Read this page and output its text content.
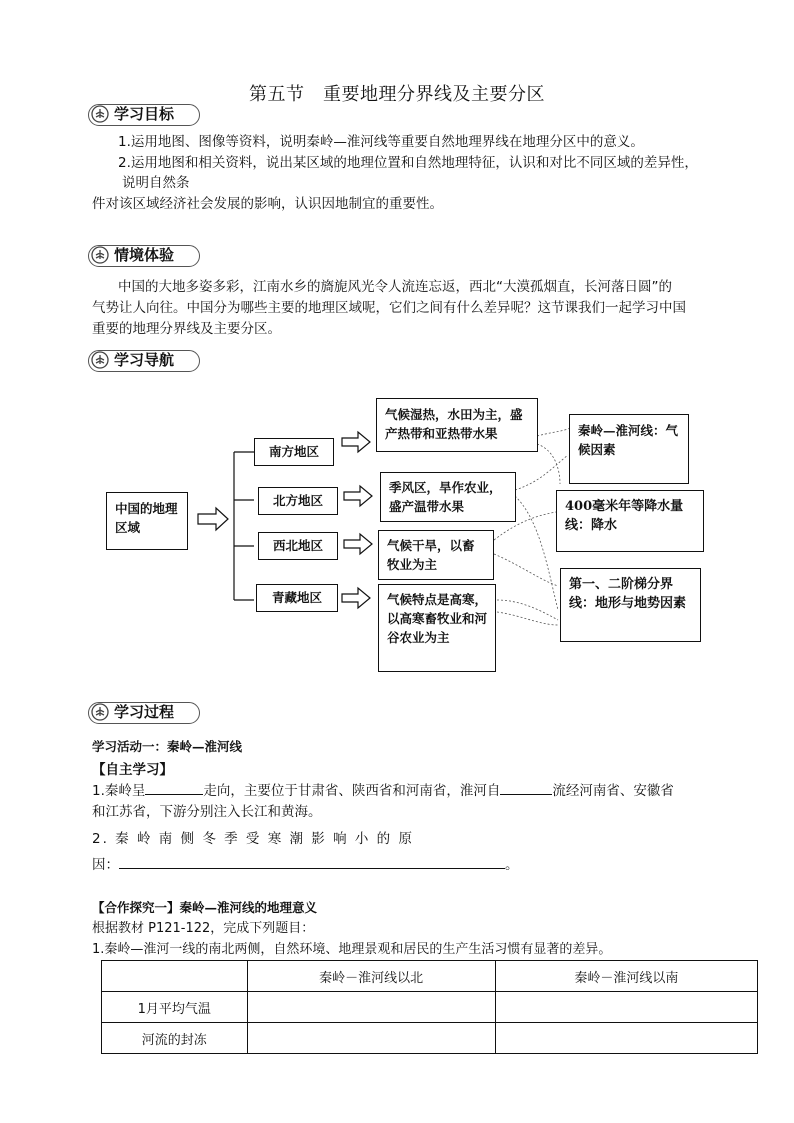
第五节　重要地理分界线及主要分区
学习目标
1.运用地图、图像等资料，说明秦岭—淮河线等重要自然地理界线在地理分区中的意义。
2.运用地图和相关资料，说出某区域的地理位置和自然地理特征，认识和对比不同区域的差异性，
说明自然条
件对该区域经济社会发展的影响，认识因地制宜的重要性。
情境体验
中国的大地多姿多彩，江南水乡的旖旎风光令人流连忘返，西北“大漠孤烟直，长河落日圆”的
气势让人向往。中国分为哪些主要的地理区域呢，它们之间有什么差异呢？这节课我们一起学习中国
重要的地理分界线及主要分区。
学习导航
中国的地理区域
南方地区
北方地区
西北地区
青藏地区
气候湿热，水田为主，盛产热带和亚热带水果
季风区，旱作农业，盛产温带水果
气候干旱，以畜牧业为主
气候特点是高寒，以高寒畜牧业和河谷农业为主
秦岭—淮河线：气候因素
400毫米年等降水量线：降水
第一、二阶梯分界线：地形与地势因素
学习过程
学习活动一：秦岭—淮河线
【自主学习】
1.秦岭呈	走向，主要位于甘肃省、陕西省和河南省，淮河自	流经河南省、安徽省
和江苏省，下游分别注入长江和黄海。
2. 秦 岭 南 侧 冬 季 受 寒 潮 影 响 小 的 原
因：	。
【合作探究一】秦岭—淮河线的地理意义
根据教材 P121-122，完成下列题目：
1.秦岭—淮河一线的南北两侧，自然环境、地理景观和居民的生产生活习惯有显著的差异。
	秦岭－淮河线以北	秦岭－淮河线以南
1月平均气温		
河流的封冻		
